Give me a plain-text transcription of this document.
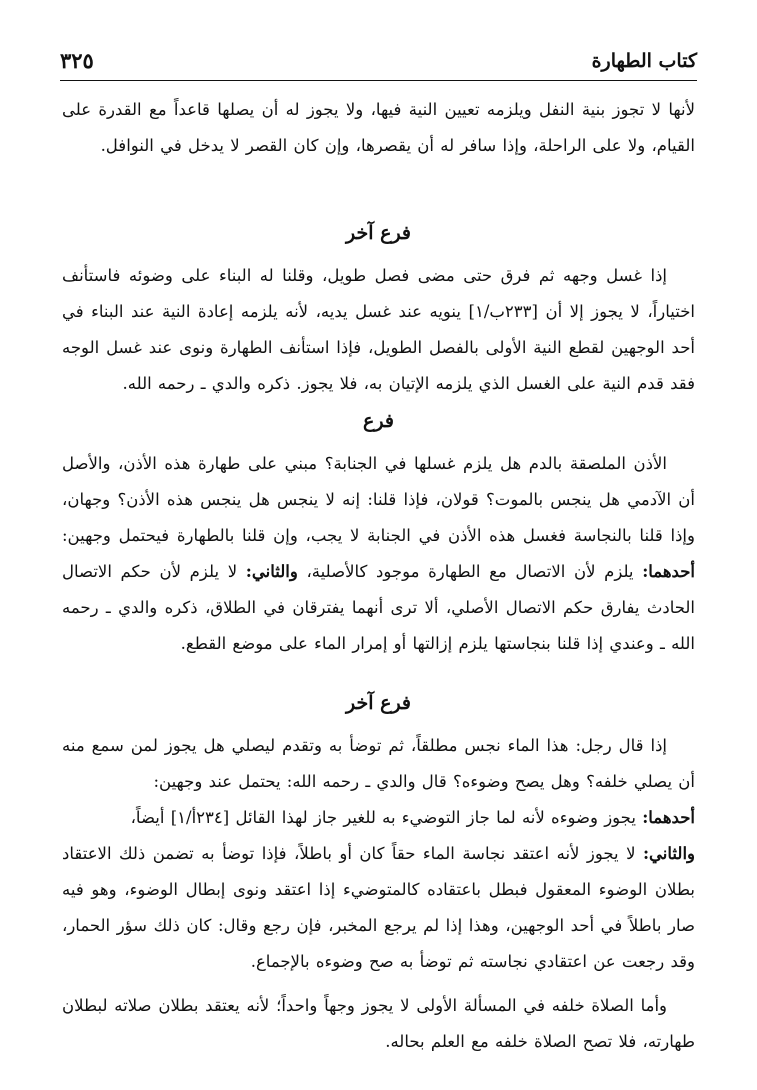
كتاب الطهارة
٣٢٥

لأنها لا تجوز بنية النفل ويلزمه تعيين النية فيها، ولا يجوز له أن يصلها قاعداً مع القدرة على القيام، ولا على الراحلة، وإذا سافر له أن يقصرها، وإن كان القصر لا يدخل في النوافل.

فرع آخر

إذا غسل وجهه ثم فرق حتى مضى فصل طويل، وقلنا له البناء على وضوئه فاستأنف اختياراً، لا يجوز إلا أن [٢٣٣ب/١] ينويه عند غسل يديه، لأنه يلزمه إعادة النية عند البناء في أحد الوجهين لقطع النية الأولى بالفصل الطويل، فإذا استأنف الطهارة ونوى عند غسل الوجه فقد قدم النية على الغسل الذي يلزمه الإتيان به، فلا يجوز. ذكره والدي ـ رحمه الله.

فرع

الأذن الملصقة بالدم هل يلزم غسلها في الجنابة؟ مبني على طهارة هذه الأذن، والأصل أن الآدمي هل ينجس بالموت؟ قولان، فإذا قلنا: إنه لا ينجس هل ينجس هذه الأذن؟ وجهان، وإذا قلنا بالنجاسة فغسل هذه الأذن في الجنابة لا يجب، وإن قلنا بالطهارة فيحتمل وجهين: أحدهما: يلزم لأن الاتصال مع الطهارة موجود كالأصلية، والثاني: لا يلزم لأن حكم الاتصال الحادث يفارق حكم الاتصال الأصلي، ألا ترى أنهما يفترقان في الطلاق، ذكره والدي ـ رحمه الله ـ وعندي إذا قلنا بنجاستها يلزم إزالتها أو إمرار الماء على موضع القطع.

فرع آخر

إذا قال رجل: هذا الماء نجس مطلقاً، ثم توضأ به وتقدم ليصلي هل يجوز لمن سمع منه أن يصلي خلفه؟ وهل يصح وضوءه؟ قال والدي ـ رحمه الله: يحتمل عند وجهين:

أحدهما: يجوز وضوءه لأنه لما جاز التوضيء به للغير جاز لهذا القائل [٢٣٤أ/١] أيضاً،

والثاني: لا يجوز لأنه اعتقد نجاسة الماء حقاً كان أو باطلاً، فإذا توضأ به تضمن ذلك الاعتقاد بطلان الوضوء المعقول فبطل باعتقاده كالمتوضيء إذا اعتقد ونوى إبطال الوضوء، وهو فيه صار باطلاً في أحد الوجهين، وهذا إذا لم يرجع المخبر، فإن رجع وقال: كان ذلك سؤر الحمار، وقد رجعت عن اعتقادي نجاسته ثم توضأ به صح وضوءه بالإجماع.

وأما الصلاة خلفه في المسألة الأولى لا يجوز وجهاً واحداً؛ لأنه يعتقد بطلان صلاته لبطلان طهارته، فلا تصح الصلاة خلفه مع العلم بحاله.
